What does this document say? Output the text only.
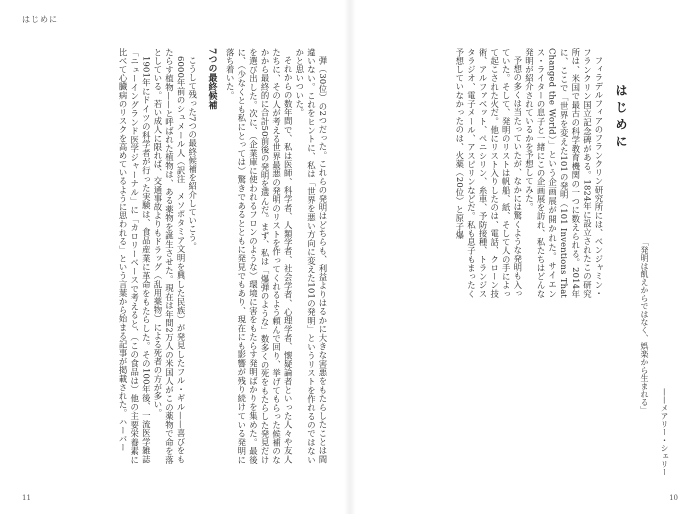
はじめに

弾（30位）の2つだった。これらの発明はどちらも、利益よりはるかに大きな害悪をもたらしたことは間違いない。これをヒントに、私は「世界を悪い方向に変えた101の発明」というリストを作れるのではないかと思いついた。

それからの数年間で、私は医師、科学者、人類学者、社会学者、心理学者、懐疑論者といった人々や友人たちに、その人が考える世界最悪の発明のリストを作ってくれるよう頼んで回り、挙げてもらった候補のなかから最終的に合計50前後の発明を選んだ。まず、私は「爆弾のような」数多くの死をもたらした発見だけを選び出した。次に、（企業庫に使われるフロンのような）環境に害をもたらす発明ばかりを集めた。最後に、（少なくとも私にとっては）驚きであるとともに発見でもあり、現在にも影響が残り続けている発明に落ち着いた。

7つの最終候補

こうして残った7つの最終候補を紹介していこう。

6000年前のシュメール人（訳注　メソポタミア文明を興した民族）が発見したフル・ギル——喜びをもたらす植物——と呼ばれた植物は、ある薬物を誕生させた。現在は年間2万人の米国人がこの薬物で命を落としている。若い成人に限れば、交通事故よりもドラッグ（乱用薬物）による死者の方が多い。

1901年にドイツの科学者が行った実験は、食品産業に革命をもたらした。その100年後、一流医学雑誌「ニューイングランド医学ジャーナル」に「カロリーベースで考えると、（この食品は）他の主要栄養素に比べて心臓病のリスクを高めているように思われる」という言葉から始まる記事が掲載された。ハーバー

11
はじめに
「発明は飢えからではなく、娯楽から生まれる」
——メアリー・シェリー

フィラデルフィアのフランクリン研究所には、ベンジャミン・フランクリン国立記念碑がある。1824年に設立されたこの研究所は、米国で最古の科学教育機関の一つに数えられる。2014年に、ここで「世界を変えた101の発明（101 Inventions That Changed the World）」という企画展が開かれた。サイエンス・ライターの息子と一緒にこの企画展を訪れ、私たちはどんな発明が紹介されているかを予想してみた。

予想の多くは当たっていたが、なかには驚くような発明も入っていた。そして、発明のリストは帆船、紙、そして人の手によって起こされた火だ。他にリスト入りしたのは、電話、クローン技術、アルファベット、ペニシリン、糸車、予防接種、トランジスタラジオ、電子メール、アスピリンなどだ。私も息子もまったく予想していなかったのは、火薬（20位）と原子爆

10
